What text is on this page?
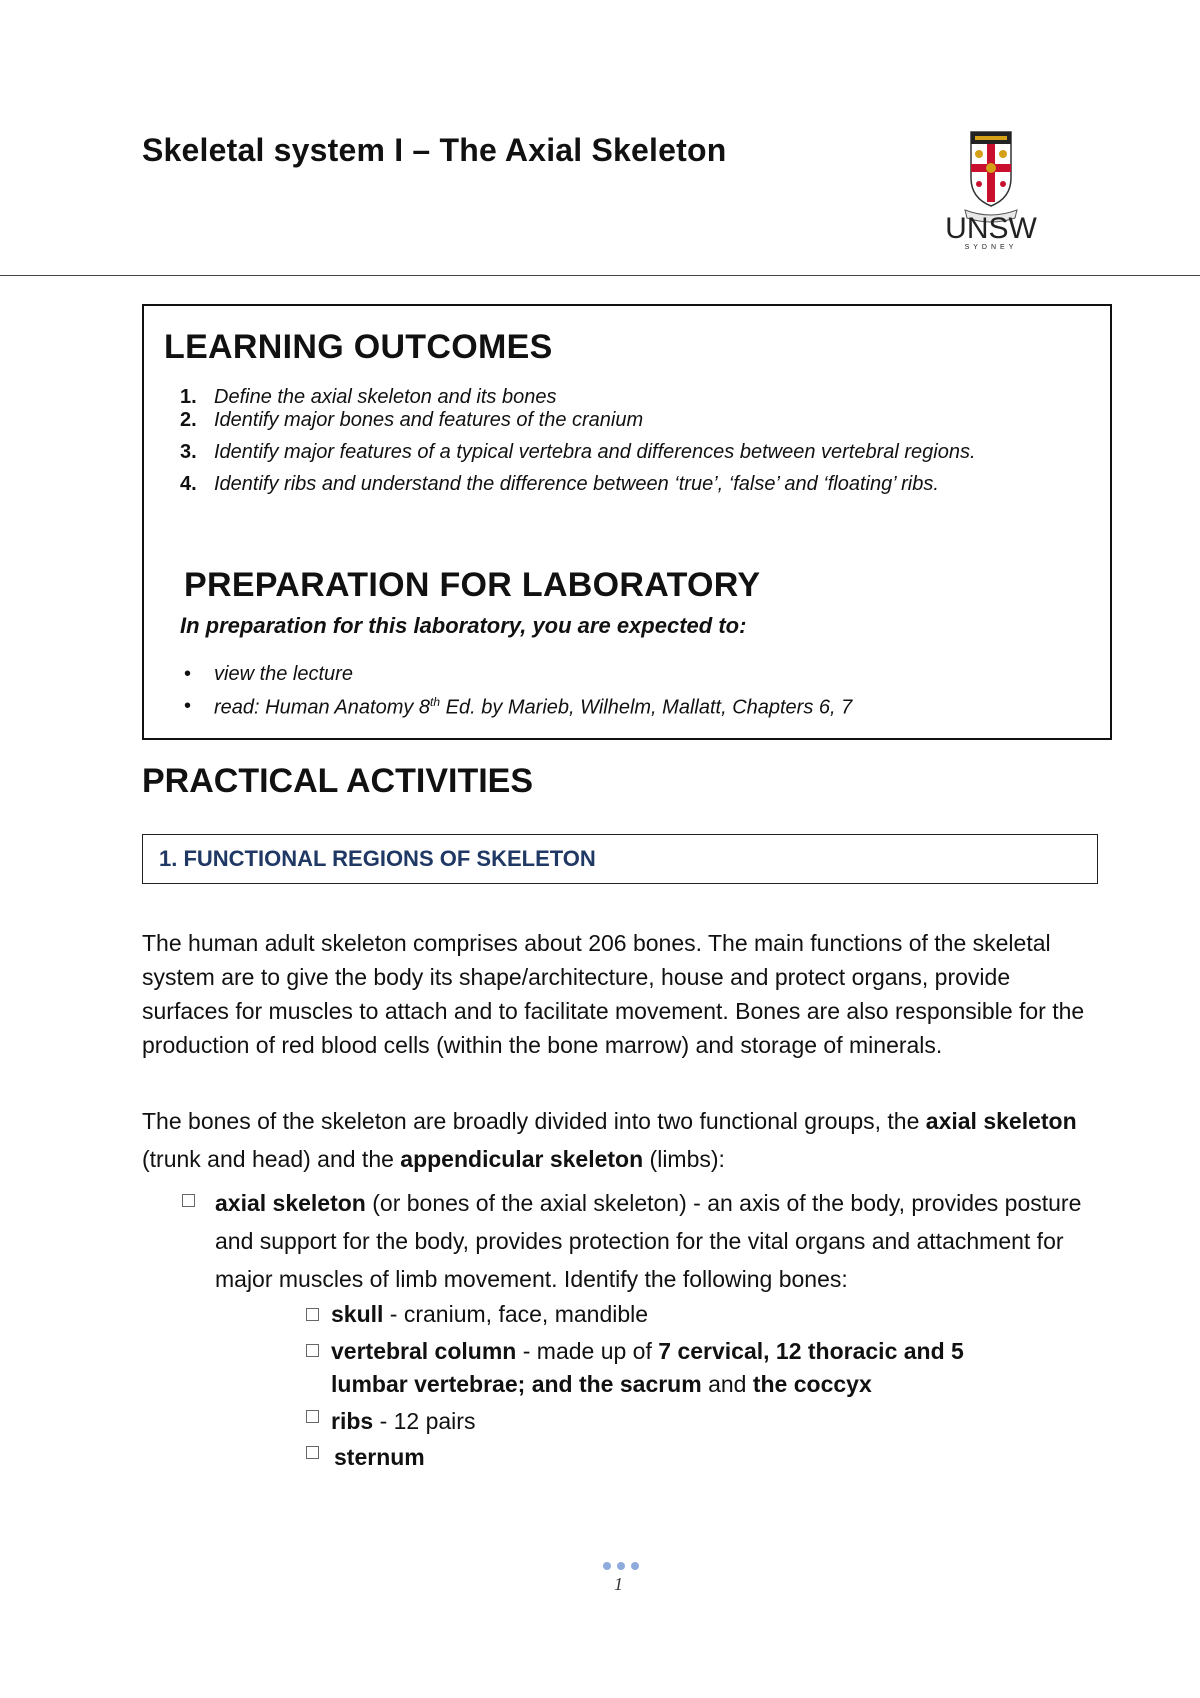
Skeletal system I – The Axial Skeleton
UNSW
SYDNEY
LEARNING OUTCOMES
1. Define the axial skeleton and its bones
2. Identify major bones and features of the cranium
3. Identify major features of a typical vertebra and differences between vertebral regions.
4. Identify ribs and understand the difference between ‘true’, ‘false’ and ‘floating’ ribs.
PREPARATION FOR LABORATORY

In preparation for this laboratory, you are expected to:

• view the lecture
• read: Human Anatomy 8th Ed. by Marieb, Wilhelm, Mallatt, Chapters 6, 7
PRACTICAL ACTIVITIES
1. FUNCTIONAL REGIONS OF SKELETON

The human adult skeleton comprises about 206 bones. The main functions of the skeletal system are to give the body its shape/architecture, house and protect organs, provide surfaces for muscles to attach and to facilitate movement. Bones are also responsible for the production of red blood cells (within the bone marrow) and storage of minerals.

The bones of the skeleton are broadly divided into two functional groups, the axial skeleton (trunk and head) and the appendicular skeleton (limbs):

axial skeleton (or bones of the axial skeleton) - an axis of the body, provides posture and support for the body, provides protection for the vital organs and attachment for major muscles of limb movement. Identify the following bones:

skull - cranium, face, mandible

vertebral column - made up of 7 cervical, 12 thoracic and 5

lumbar vertebrae; and the sacrum and the coccyx

ribs - 12 pairs

sternum

1
